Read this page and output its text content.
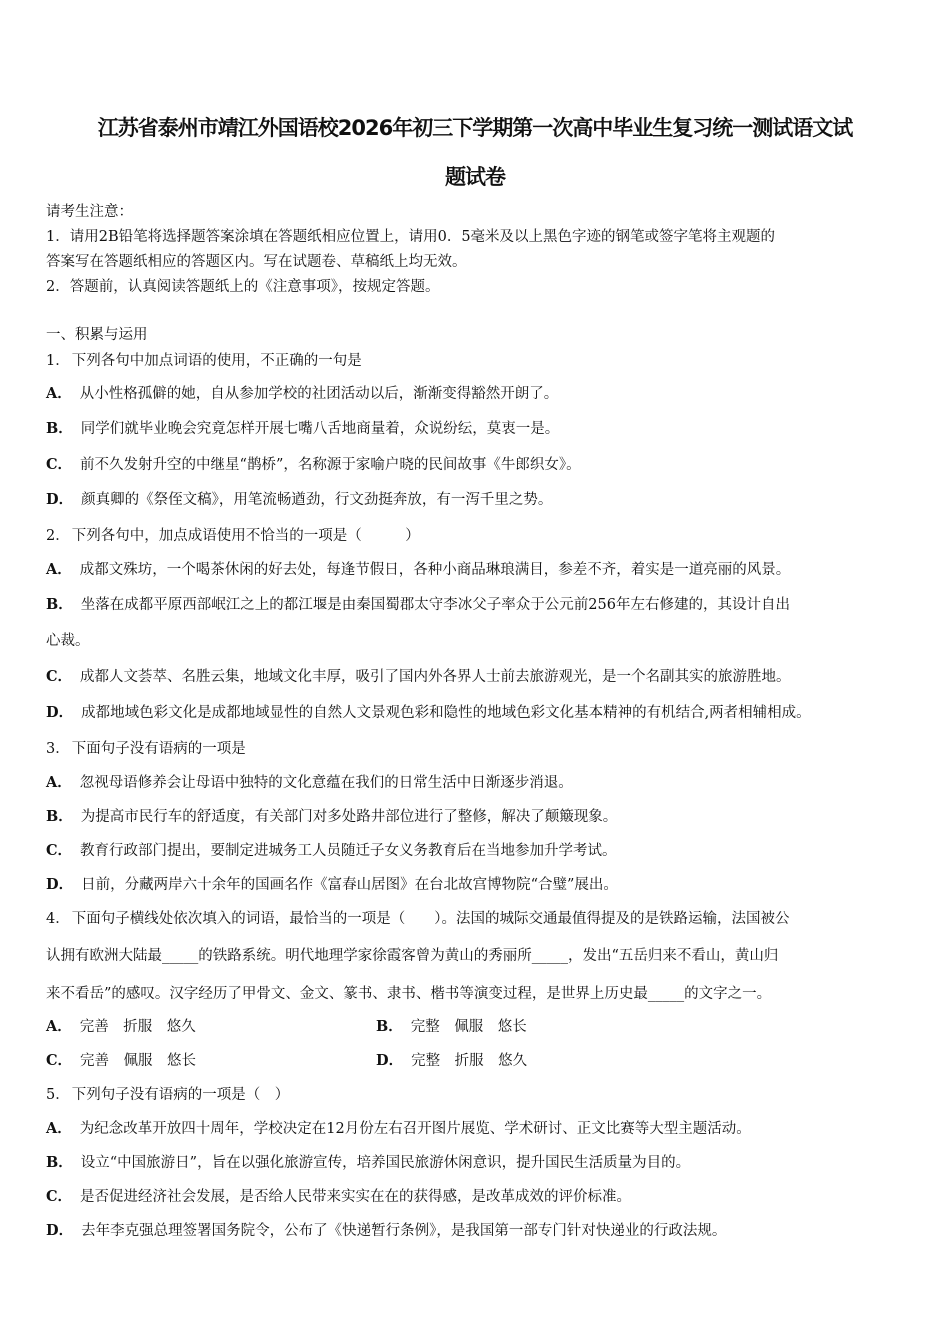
江苏省泰州市靖江外国语校2026年初三下学期第一次高中毕业生复习统一测试语文试
题试卷
请考生注意：
1．请用2B铅笔将选择题答案涂填在答题纸相应位置上，请用0．5毫米及以上黑色字迹的钢笔或签字笔将主观题的
答案写在答题纸相应的答题区内。写在试题卷、草稿纸上均无效。
2．答题前，认真阅读答题纸上的《注意事项》，按规定答题。
一、积累与运用
1． 下列各句中加点词语的使用，不正确的一句是
A． 从小性格孤僻的她，自从参加学校的社团活动以后，渐渐变得豁然开朗了。
B． 同学们就毕业晚会究竟怎样开展七嘴八舌地商量着，众说纷纭，莫衷一是。
C． 前不久发射升空的中继星“鹊桥”，名称源于家喻户晓的民间故事《牛郎织女》。
D． 颜真卿的《祭侄文稿》，用笔流畅遒劲，行文劲挺奔放，有一泻千里之势。
2． 下列各句中，加点成语使用不恰当的一项是（　　　）
A． 成都文殊坊，一个喝茶休闲的好去处，每逢节假日，各种小商品琳琅满目，参差不齐，着实是一道亮丽的风景。
B． 坐落在成都平原西部岷江之上的都江堰是由秦国蜀郡太守李冰父子率众于公元前256年左右修建的，其设计自出
心裁。
C． 成都人文荟萃、名胜云集，地域文化丰厚，吸引了国内外各界人士前去旅游观光，是一个名副其实的旅游胜地。
D． 成都地域色彩文化是成都地域显性的自然人文景观色彩和隐性的地域色彩文化基本精神的有机结合,两者相辅相成。
3． 下面句子没有语病的一项是
A． 忽视母语修养会让母语中独特的文化意蕴在我们的日常生活中日渐逐步消退。
B． 为提高市民行车的舒适度，有关部门对多处路井部位进行了整修，解决了颠簸现象。
C． 教育行政部门提出，要制定进城务工人员随迁子女义务教育后在当地参加升学考试。
D． 日前，分藏两岸六十余年的国画名作《富春山居图》在台北故宫博物院“合璧”展出。
4． 下面句子横线处依次填入的词语，最恰当的一项是（　　）。法国的城际交通最值得提及的是铁路运输，法国被公
认拥有欧洲大陆最_____的铁路系统。明代地理学家徐霞客曾为黄山的秀丽所_____，发出“五岳归来不看山，黄山归
来不看岳”的感叹。汉字经历了甲骨文、金文、篆书、隶书、楷书等演变过程，是世界上历史最_____的文字之一。
A． 完善　折服　悠久	B． 完整　佩服　悠长
C． 完善　佩服　悠长	D． 完整　折服　悠久
5． 下列句子没有语病的一项是（　）
A． 为纪念改革开放四十周年，学校决定在12月份左右召开图片展览、学术研讨、正文比赛等大型主题活动。
B． 设立“中国旅游日”，旨在以强化旅游宣传，培养国民旅游休闲意识，提升国民生活质量为目的。
C． 是否促进经济社会发展，是否给人民带来实实在在的获得感，是改革成效的评价标准。
D． 去年李克强总理签署国务院令，公布了《快递暂行条例》，是我国第一部专门针对快递业的行政法规。
